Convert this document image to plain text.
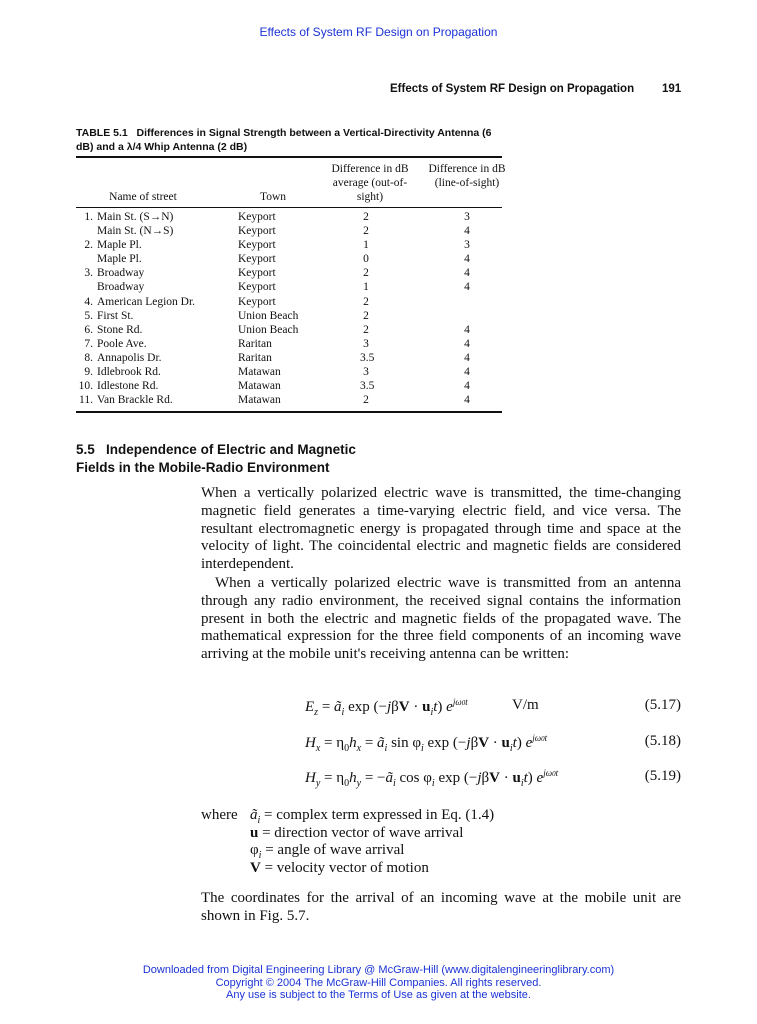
Effects of System RF Design on Propagation
Effects of System RF Design on Propagation 191
TABLE 5.1 Differences in Signal Strength between a Vertical-Directivity Antenna (6 dB) and a λ/4 Whip Antenna (2 dB)
Name of street	Town
Difference in dB average (out-of-sight)
Difference in dB (line-of-sight)
1. Main St. (S→N)	Keyport	2	3
Main St. (N→S)	Keyport	2	4
2. Maple Pl.	Keyport	1	3
Maple Pl.	Keyport	0	4
3. Broadway	Keyport	2	4
Broadway	Keyport	1	4
4. American Legion Dr.	Keyport	2
5. First St.	Union Beach	2
6. Stone Rd.	Union Beach	2	4
7. Poole Ave.	Raritan	3	4
8. Annapolis Dr.	Raritan	3.5	4
9. Idlebrook Rd.	Matawan	3	4
10. Idlestone Rd.	Matawan	3.5	4
11. Van Brackle Rd.	Matawan	2	4
5.5 Independence of Electric and Magnetic
Fields in the Mobile-Radio Environment
When a vertically polarized electric wave is transmitted, the time-changing magnetic field generates a time-varying electric field, and vice versa. The resultant electromagnetic energy is propagated through time and space at the velocity of light. The coincidental electric and magnetic fields are considered interdependent.
When a vertically polarized electric wave is transmitted from an antenna through any radio environment, the received signal contains the information present in both the electric and magnetic fields of the propagated wave. The mathematical expression for the three field components of an incoming wave arriving at the mobile unit's receiving antenna can be written:
$E_z$ = $ã_i$ $\exp (-j\beta V \cdot u_it)$ $e^{j\omega 0t}$	V/m	(5.17)
$H_x = \eta_0h_x$ = $ã_i$ $\sin \varphi_i$ $\exp (-j\beta V \cdot u_it)$ $e^{j\omega 0t}$	(5.18)
$H_y = \eta_0h_y$ = $-ã_i$ $\cos \varphi_i$ $\exp (-j\beta V \cdot u_it)$ $e^{j\omega 0t}$	(5.19)
where $ã_i$ = complex term expressed in Eq. (1.4)
u = direction vector of wave arrival
$\varphi_i$ = angle of wave arrival
V = velocity vector of motion
The coordinates for the arrival of an incoming wave at the mobile unit are shown in Fig. 5.7.
Downloaded from Digital Engineering Library @ McGraw-Hill (www.digitalengineeringlibrary.com)
Copyright © 2004 The McGraw-Hill Companies. All rights reserved.
Any use is subject to the Terms of Use as given at the website.
